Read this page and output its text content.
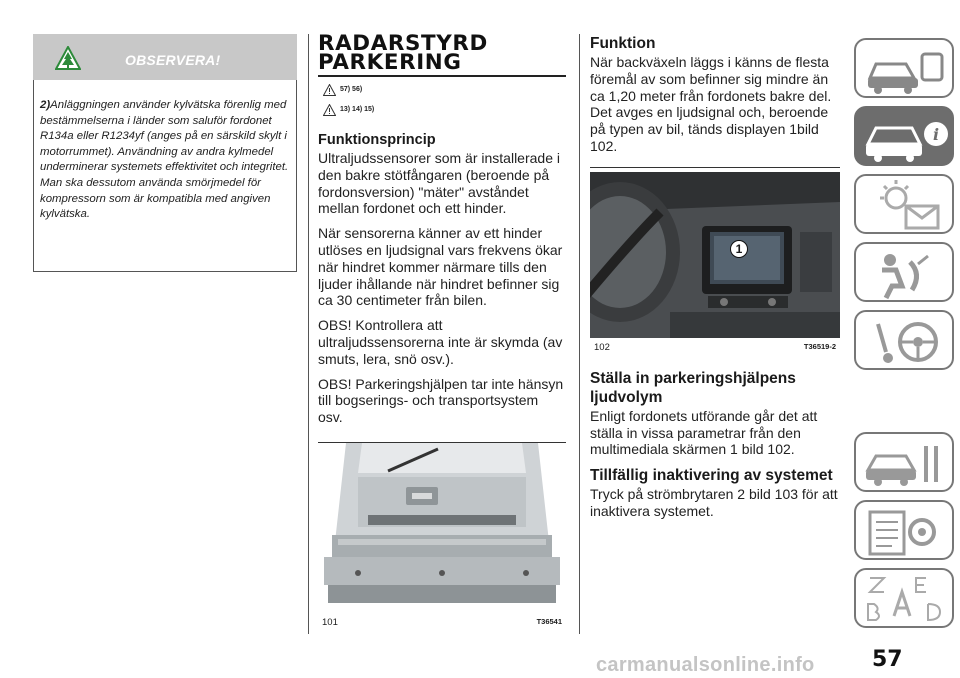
OBSERVERA!

2)Anläggningen använder kylvätska förenlig med bestämmelserna i länder som saluför fordonet R134a eller R1234yf (anges på en särskild skylt i motorrummet). Användning av andra kylmedel underminerar systemets effektivitet och integritet. Man ska dessutom använda smörjmedel för kompressorn som är kompatibla med angiven kylvätska.

RADARSTYRD
PARKERING
57) 56)
13) 14) 15)
Funktionsprincip

Ultraljudssensorer som är installerade i den bakre stötfångaren (beroende på fordonsversion) "mäter" avståndet mellan fordonet och ett hinder.

När sensorerna känner av ett hinder utlöses en ljudsignal vars frekvens ökar när hindret kommer närmare tills den ljuder ihållande när hindret befinner sig ca 30 centimeter från bilen.

OBS! Kontrollera att ultraljudssensorerna inte är skymda (av smuts, lera, snö osv.).

OBS! Parkeringshjälpen tar inte hänsyn till bogserings- och transportsystem osv.

101	T36541
Funktion

När backväxeln läggs i känns de flesta föremål av som befinner sig mindre än ca 1,20 meter från fordonets bakre del. Det avges en ljudsignal och, beroende på typen av bil, tänds displayen 1bild 102.

1
102	T36519-2
Ställa in parkeringshjälpens ljudvolym

Enligt fordonets utförande går det att ställa in vissa parametrar från den multimediala skärmen 1 bild 102.

Tillfällig inaktivering av systemet

Tryck på strömbrytaren 2 bild 103 för att inaktivera systemet.

i
57
carmanualsonline.info
